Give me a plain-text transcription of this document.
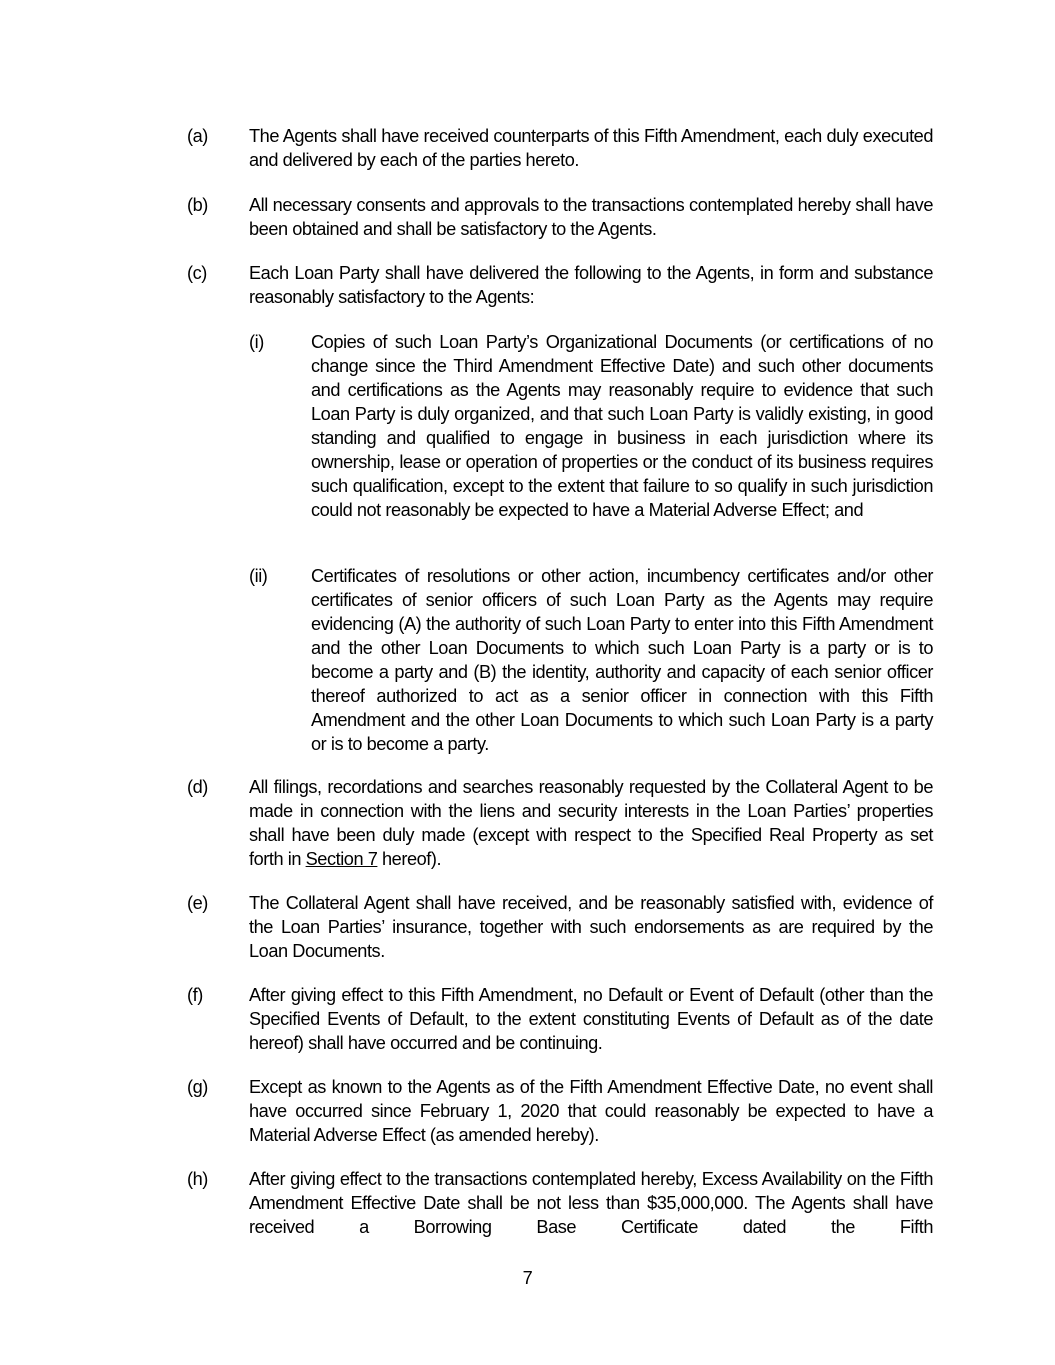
(a) The Agents shall have received counterparts of this Fifth Amendment, each duly executed and delivered by each of the parties hereto.
(b) All necessary consents and approvals to the transactions contemplated hereby shall have been obtained and shall be satisfactory to the Agents.
(c) Each Loan Party shall have delivered the following to the Agents, in form and substance reasonably satisfactory to the Agents:
(i)	Copies of such Loan Party’s Organizational Documents (or certifications of no change since the Third Amendment Effective Date) and such other documents and certifications as the Agents may reasonably require to evidence that such Loan Party is duly organized, and that such Loan Party is validly existing, in good standing and qualified to engage in business in each jurisdiction where its ownership, lease or operation of properties or the conduct of its business requires such qualification, except to the extent that failure to so qualify in such jurisdiction could not reasonably be expected to have a Material Adverse Effect; and
(ii) Certificates of resolutions or other action, incumbency certificates and/or other certificates of senior officers of such Loan Party as the Agents may require evidencing (A) the authority of such Loan Party to enter into this Fifth Amendment and the other Loan Documents to which such Loan Party is a party or is to become a party and (B) the identity, authority and capacity of each senior officer thereof authorized to act as a senior officer in connection with this Fifth Amendment and the other Loan Documents to which such Loan Party is a party or is to become a party.
(d) All filings, recordations and searches reasonably requested by the Collateral Agent to be made in connection with the liens and security interests in the Loan Parties’ properties shall have been duly made (except with respect to the Specified Real Property as set forth in Section 7 hereof).
(e) The Collateral Agent shall have received, and be reasonably satisfied with, evidence of the Loan Parties’ insurance, together with such endorsements as are required by the Loan Documents.
(f)	After giving effect to this Fifth Amendment, no Default or Event of Default (other than the Specified Events of Default, to the extent constituting Events of Default as of the date hereof) shall have occurred and be continuing.
(g) Except as known to the Agents as of the Fifth Amendment Effective Date, no event shall have occurred since February 1, 2020 that could reasonably be expected to have a Material Adverse Effect (as amended hereby).
(h) After giving effect to the transactions contemplated hereby, Excess Availability on the Fifth Amendment Effective Date shall be not less than $35,000,000. The Agents shall have received a Borrowing Base Certificate dated the Fifth
7
